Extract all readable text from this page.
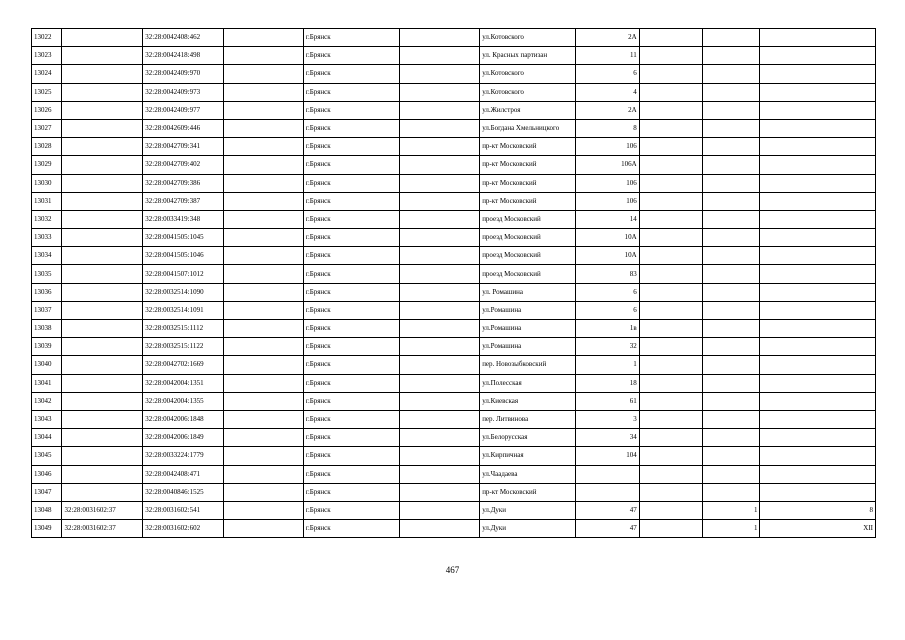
13022		32:28:0042408:462		г.Брянск		ул.Котовского	2А			
13023		32:28:0042418:498		г.Брянск		ул. Красных партизан	11			
13024		32:28:0042409:970		г.Брянск		ул.Котовского	6			
13025		32:28:0042409:973		г.Брянск		ул.Котовского	4			
13026		32:28:0042409:977		г.Брянск		ул.Жилстроя	2А			
13027		32:28:0042609:446		г.Брянск		ул.Богдана Хмельницкого	8			
13028		32:28:0042709:341		г.Брянск		пр-кт Московский	106			
13029		32:28:0042709:402		г.Брянск		пр-кт Московский	106А			
13030		32:28:0042709:386		г.Брянск		пр-кт Московский	106			
13031		32:28:0042709:387		г.Брянск		пр-кт Московский	106			
13032		32:28:0033419:348		г.Брянск		проезд Московский	14			
13033		32:28:0041505:1045		г.Брянск		проезд Московский	10А			
13034		32:28:0041505:1046		г.Брянск		проезд Московский	10А			
13035		32:28:0041507:1012		г.Брянск		проезд Московский	83			
13036		32:28:0032514:1090		г.Брянск		ул. Ромашина	6			
13037		32:28:0032514:1091		г.Брянск		ул.Ромашина	6			
13038		32:28:0032515:1112		г.Брянск		ул.Ромашина	1в			
13039		32:28:0032515:1122		г.Брянск		ул.Ромашина	32			
13040		32:28:0042702:1669		г.Брянск		пер. Новозыбковский	1			
13041		32:28:0042004:1351		г.Брянск		ул.Полесская	18			
13042		32:28:0042004:1355		г.Брянск		ул.Киевская	61			
13043		32:28:0042006:1848		г.Брянск		пер. Литвинова	3			
13044		32:28:0042006:1849		г.Брянск		ул.Белорусская	34			
13045		32:28:0033224:1779		г.Брянск		ул.Кирпичная	104			
13046		32:28:0042408:471		г.Брянск		ул.Чаадаева				
13047		32:28:0040846:1525		г.Брянск		пр-кт Московский				
13048	32:28:0031602:37	32:28:0031602:541		г.Брянск		ул.Дуки	47		1	8
13049	32:28:0031602:37	32:28:0031602:602		г.Брянск		ул.Дуки	47		1	XII
467
